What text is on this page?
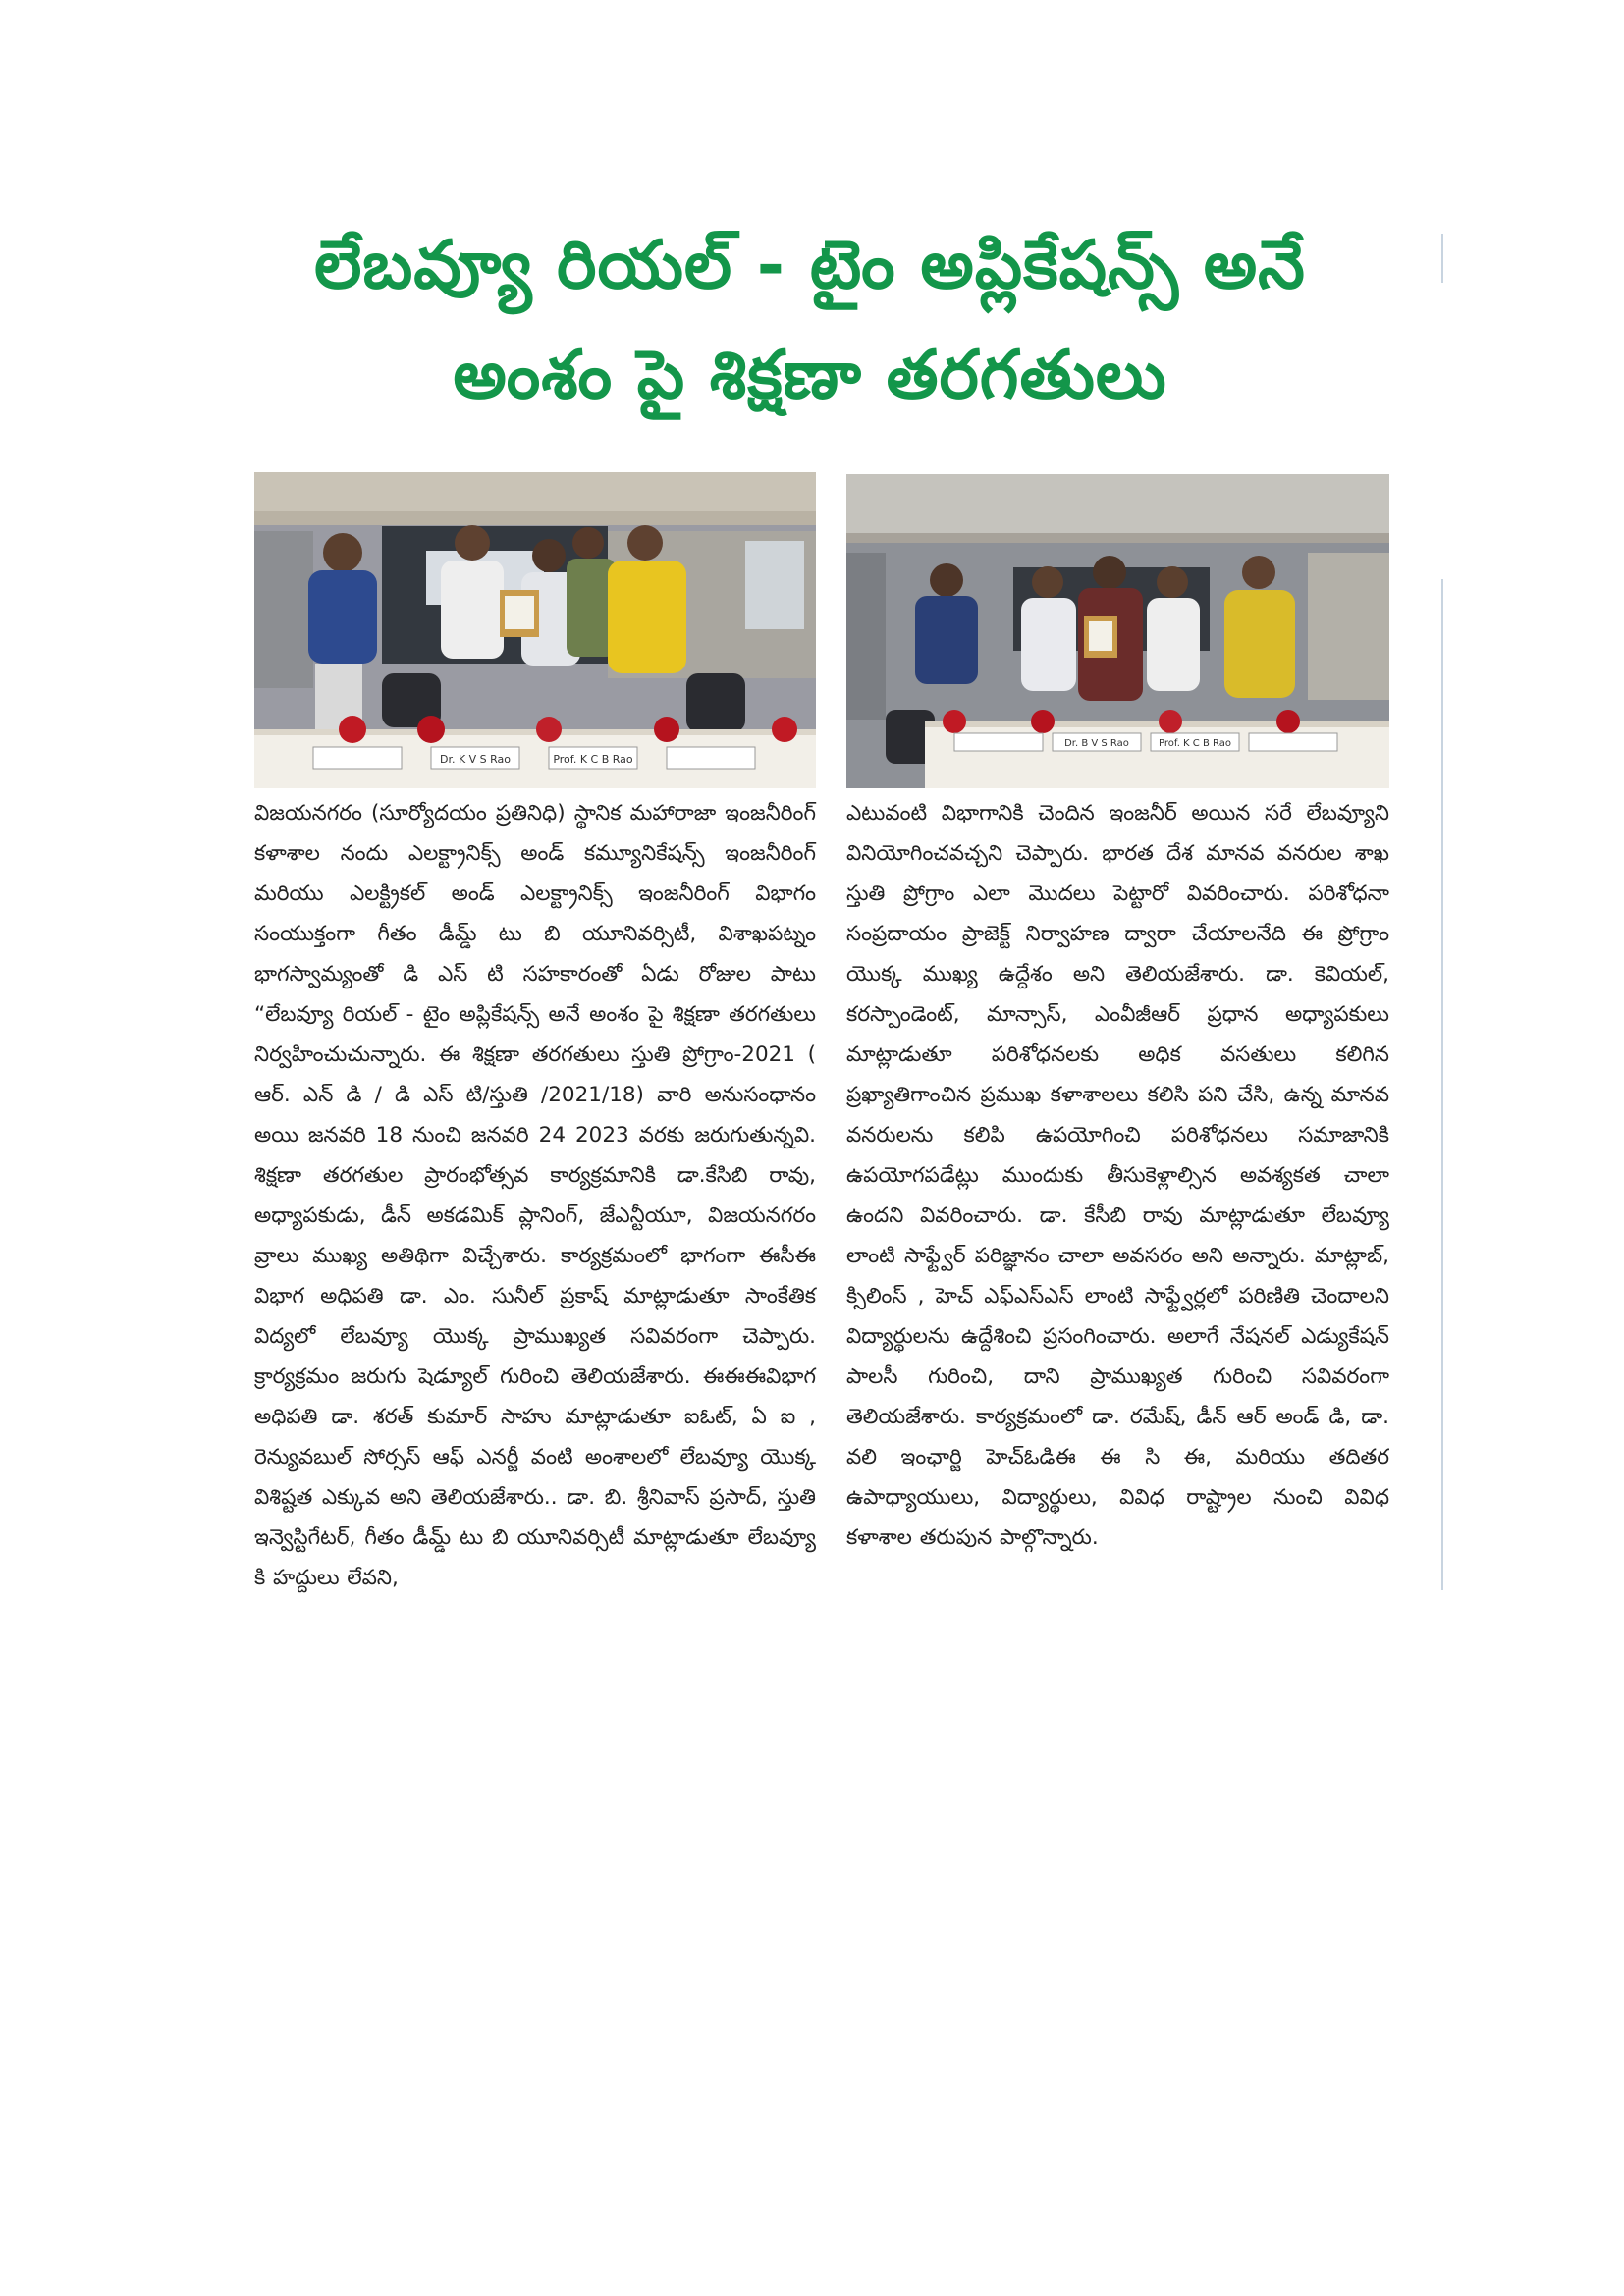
లేబవ్యూ రియల్ - టైం అప్లికేషన్స్ అనే
అంశం పై శిక్షణా తరగతులు
Dr. K V S Rao	Prof. K C B Rao
Dr. B V S Rao	Prof. K C B Rao

విజయనగరం (సూర్యోదయం ప్రతినిధి) స్థానిక మహారాజా ఇంజనీరింగ్ కళాశాల నందు ఎలక్ట్రానిక్స్ అండ్ కమ్యూనికేషన్స్ ఇంజనీరింగ్ మరియు ఎలక్ట్రికల్ అండ్ ఎలక్ట్రానిక్స్ ఇంజనీరింగ్ విభాగం సంయుక్తంగా గీతం డీమ్డ్ టు బి యూనివర్సిటీ, విశాఖపట్నం భాగస్వామ్యంతో డి ఎస్ టి సహకారంతో ఏడు రోజుల పాటు “లేబవ్యూ రియల్ - టైం అప్లికేషన్స్ అనే అంశం పై శిక్షణా తరగతులు నిర్వహించుచున్నారు. ఈ శిక్షణా తరగతులు స్తుతి ప్రోగ్రాం-2021 ( ఆర్. ఎన్ డి / డి ఎస్ టి/స్తుతి /2021/18) వారి అనుసంధానం అయి జనవరి 18 నుంచి జనవరి 24 2023 వరకు జరుగుతున్నవి. శిక్షణా తరగతుల ప్రారంభోత్సవ కార్యక్రమానికి డా.కేసిబి రావు, అధ్యాపకుడు, డీన్ అకడమిక్ ప్లానింగ్, జేఎన్టీయూ, విజయనగరం వ్రాలు ముఖ్య అతిథిగా విచ్చేశారు. కార్యక్రమంలో భాగంగా ఈసీఈ విభాగ అధిపతి డా. ఎం. సునీల్ ప్రకాష్ మాట్లాడుతూ సాంకేతిక విద్యలో లేబవ్యూ యొక్క ప్రాముఖ్యత సవివరంగా చెప్పారు. క్రార్యక్రమం జరుగు షెడ్యూల్ గురించి తెలియజేశారు. ఈఈఈవిభాగ అధిపతి డా. శరత్ కుమార్ సాహు మాట్లాడుతూ ఐఓట్, ఏ ఐ , రెన్యువబుల్ సోర్సస్ ఆఫ్ ఎనర్జీ వంటి అంశాలలో లేబవ్యూ యొక్క విశిష్టత ఎక్కువ అని తెలియజేశారు.. డా. బి. శ్రీనివాస్ ప్రసాద్, స్తుతి ఇన్వెస్టిగేటర్, గీతం డీమ్డ్ టు బి యూనివర్సిటీ మాట్లాడుతూ లేబవ్యూ కి హద్దులు లేవని,

ఎటువంటి విభాగానికి చెందిన ఇంజనీర్ అయిన సరే లేబవ్యూని వినియోగించవచ్చని చెప్పారు. భారత దేశ మానవ వనరుల శాఖ స్తుతి ప్రోగ్రాం ఎలా మొదలు పెట్టారో వివరించారు. పరిశోధనా సంప్రదాయం ప్రాజెక్ట్ నిర్వాహణ ద్వారా చేయాలనేది ఈ ప్రోగ్రాం యొక్క ముఖ్య ఉద్దేశం అని తెలియజేశారు. డా. కెవియల్, కరస్పాండెంట్, మాన్సాస్, ఎంవీజీఆర్ ప్రధాన అధ్యాపకులు మాట్లాడుతూ పరిశోధనలకు అధిక వసతులు కలిగిన ప్రఖ్యాతిగాంచిన ప్రముఖ కళాశాలలు కలిసి పని చేసి, ఉన్న మానవ వనరులను కలిపి ఉపయోగించి పరిశోధనలు సమాజానికి ఉపయోగపడేట్లు ముందుకు తీసుకెళ్లాల్సిన అవశ్యకత చాలా ఉందని వివరించారు. డా. కేసీబి రావు మాట్లాడుతూ లేబవ్యూ లాంటి సాఫ్ట్వేర్ పరిజ్ఞానం చాలా అవసరం అని అన్నారు. మాట్లాబ్, క్సిలింస్ , హెచ్ ఎఫ్ఎస్ఎస్ లాంటి సాఫ్ట్వేర్లలో పరిణితి చెందాలని విద్యార్థులను ఉద్దేశించి ప్రసంగించారు. అలాగే నేషనల్ ఎడ్యుకేషన్ పాలసీ గురించి, దాని ప్రాముఖ్యత గురించి సవివరంగా తెలియజేశారు. కార్యక్రమంలో డా. రమేష్, డీన్ ఆర్ అండ్ డి, డా. వలి ఇంఛార్జి హెచ్ఓడిఈ ఈ సి ఈ, మరియు తదితర ఉపాధ్యాయులు, విద్యార్థులు, వివిధ రాష్ట్రాల నుంచి వివిధ కళాశాల తరుపున పాల్గొన్నారు.
